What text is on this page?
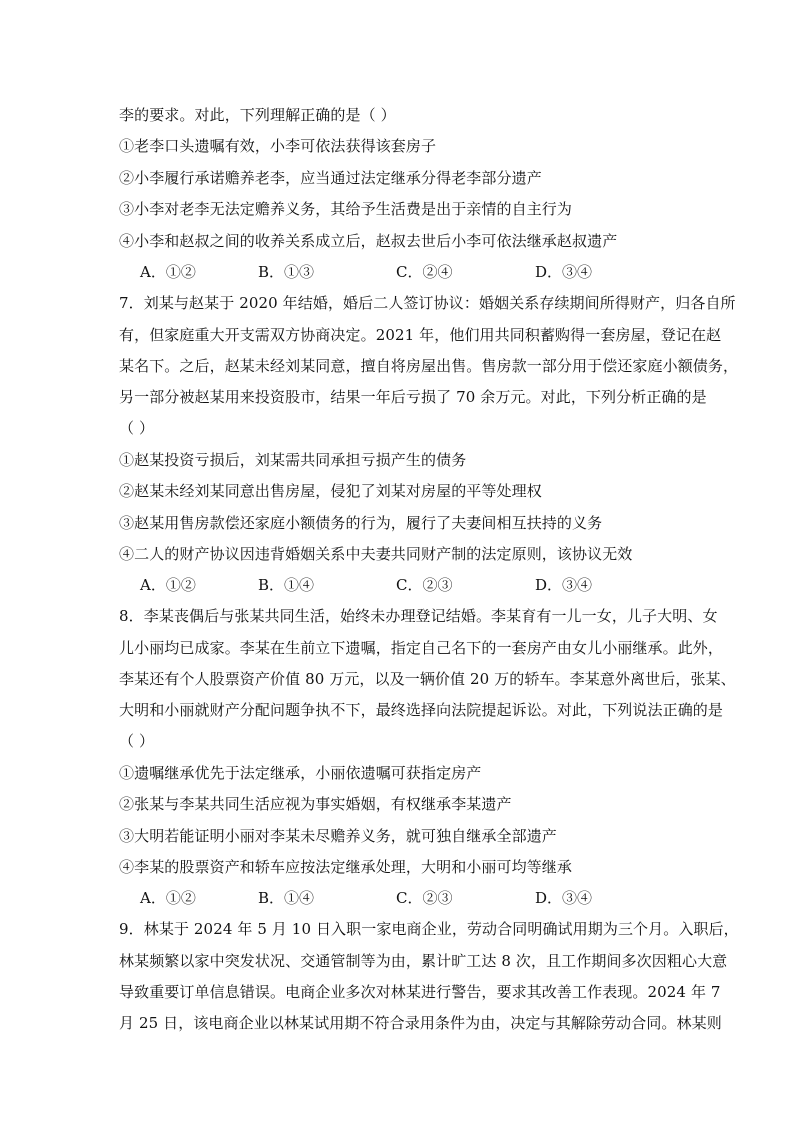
李的要求。对此，下列理解正确的是（ ）
①老李口头遗嘱有效，小李可依法获得该套房子
②小李履行承诺赡养老李，应当通过法定继承分得老李部分遗产
③小李对老李无法定赡养义务，其给予生活费是出于亲情的自主行为
④小李和赵叔之间的收养关系成立后，赵叔去世后小李可依法继承赵叔遗产
A．①②	B．①③	C．②④	D．③④
7．刘某与赵某于 2020 年结婚，婚后二人签订协议：婚姻关系存续期间所得财产，归各自所
有，但家庭重大开支需双方协商决定。2021 年，他们用共同积蓄购得一套房屋，登记在赵
某名下。之后，赵某未经刘某同意，擅自将房屋出售。售房款一部分用于偿还家庭小额债务，
另一部分被赵某用来投资股市，结果一年后亏损了 70 余万元。对此，下列分析正确的是
（ ）
①赵某投资亏损后，刘某需共同承担亏损产生的债务
②赵某未经刘某同意出售房屋，侵犯了刘某对房屋的平等处理权
③赵某用售房款偿还家庭小额债务的行为，履行了夫妻间相互扶持的义务
④二人的财产协议因违背婚姻关系中夫妻共同财产制的法定原则，该协议无效
A．①②	B．①④	C．②③	D．③④
8．李某丧偶后与张某共同生活，始终未办理登记结婚。李某育有一儿一女，儿子大明、女
儿小丽均已成家。李某在生前立下遗嘱，指定自己名下的一套房产由女儿小丽继承。此外，
李某还有个人股票资产价值 80 万元，以及一辆价值 20 万的轿车。李某意外离世后，张某、
大明和小丽就财产分配问题争执不下，最终选择向法院提起诉讼。对此，下列说法正确的是
（ ）
①遗嘱继承优先于法定继承，小丽依遗嘱可获指定房产
②张某与李某共同生活应视为事实婚姻，有权继承李某遗产
③大明若能证明小丽对李某未尽赡养义务，就可独自继承全部遗产
④李某的股票资产和轿车应按法定继承处理，大明和小丽可均等继承
A．①②	B．①④	C．②③	D．③④
9．林某于 2024 年 5 月 10 日入职一家电商企业，劳动合同明确试用期为三个月。入职后，
林某频繁以家中突发状况、交通管制等为由，累计旷工达 8 次，且工作期间多次因粗心大意
导致重要订单信息错误。电商企业多次对林某进行警告，要求其改善工作表现。2024 年 7
月 25 日，该电商企业以林某试用期不符合录用条件为由，决定与其解除劳动合同。林某则
